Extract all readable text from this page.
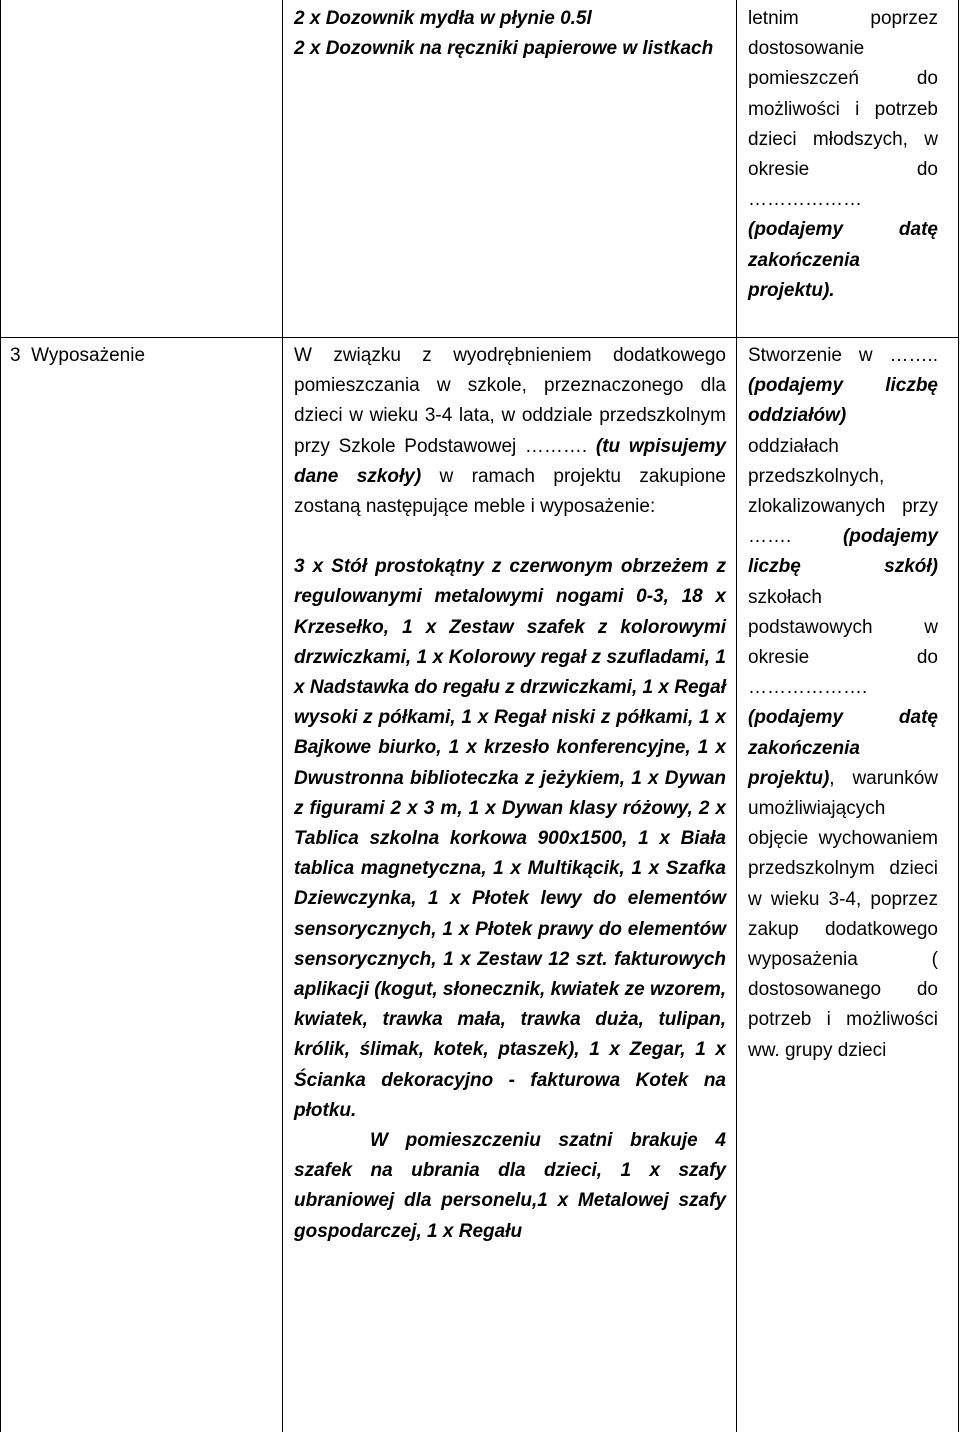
2 x Dozownik mydła w płynie 0.5l

2 x Dozownik na ręczniki papierowe w listkach

letnim poprzez dostosowanie pomieszczeń do możliwości i potrzeb dzieci młodszych, w okresie do ……………… (podajemy datę zakończenia projektu).
3 Wyposażenie	W związku z wyodrębnieniem dodatkowego pomieszczania w szkole, przeznaczonego dla dzieci w wieku 3-4 lata, w oddziale przedszkolnym przy Szkole Podstawowej ………. (tu wpisujemy dane szkoły) w ramach projektu zakupione zostaną następujące meble i wyposażenie:

3 x Stół prostokątny z czerwonym obrzeżem z regulowanymi metalowymi nogami 0-3, 18 x Krzesełko, 1 x Zestaw szafek z kolorowymi drzwiczkami, 1 x Kolorowy regał z szufladami, 1 x Nadstawka do regału z drzwiczkami, 1 x Regał wysoki z półkami, 1 x Regał niski z półkami, 1 x Bajkowe biurko, 1 x krzesło konferencyjne, 1 x Dwustronna biblioteczka z jeżykiem, 1 x Dywan z figurami 2 x 3 m, 1 x Dywan klasy różowy, 2 x Tablica szkolna korkowa 900x1500, 1 x Biała tablica magnetyczna, 1 x Multikącik, 1 x Szafka Dziewczynka, 1 x Płotek lewy do elementów sensorycznych, 1 x Płotek prawy do elementów sensorycznych, 1 x Zestaw 12 szt. fakturowych aplikacji (kogut, słonecznik, kwiatek ze wzorem, kwiatek, trawka mała, trawka duża, tulipan, królik, ślimak, kotek, ptaszek), 1 x Zegar, 1 x Ścianka dekoracyjno - fakturowa Kotek na płotku.

W pomieszczeniu szatni brakuje 4 szafek na ubrania dla dzieci, 1 x szafy ubraniowej dla personelu,1 x Metalowej szafy gospodarczej, 1 x Regału

Stworzenie w …….. (podajemy liczbę oddziałów) oddziałach przedszkolnych, zlokalizowanych przy ……. (podajemy liczbę szkół) szkołach podstawowych w okresie do ………………. (podajemy datę zakończenia projektu), warunków umożliwiających objęcie wychowaniem przedszkolnym dzieci w wieku 3-4, poprzez zakup dodatkowego wyposażenia ( dostosowanego do potrzeb i możliwości ww. grupy dzieci
